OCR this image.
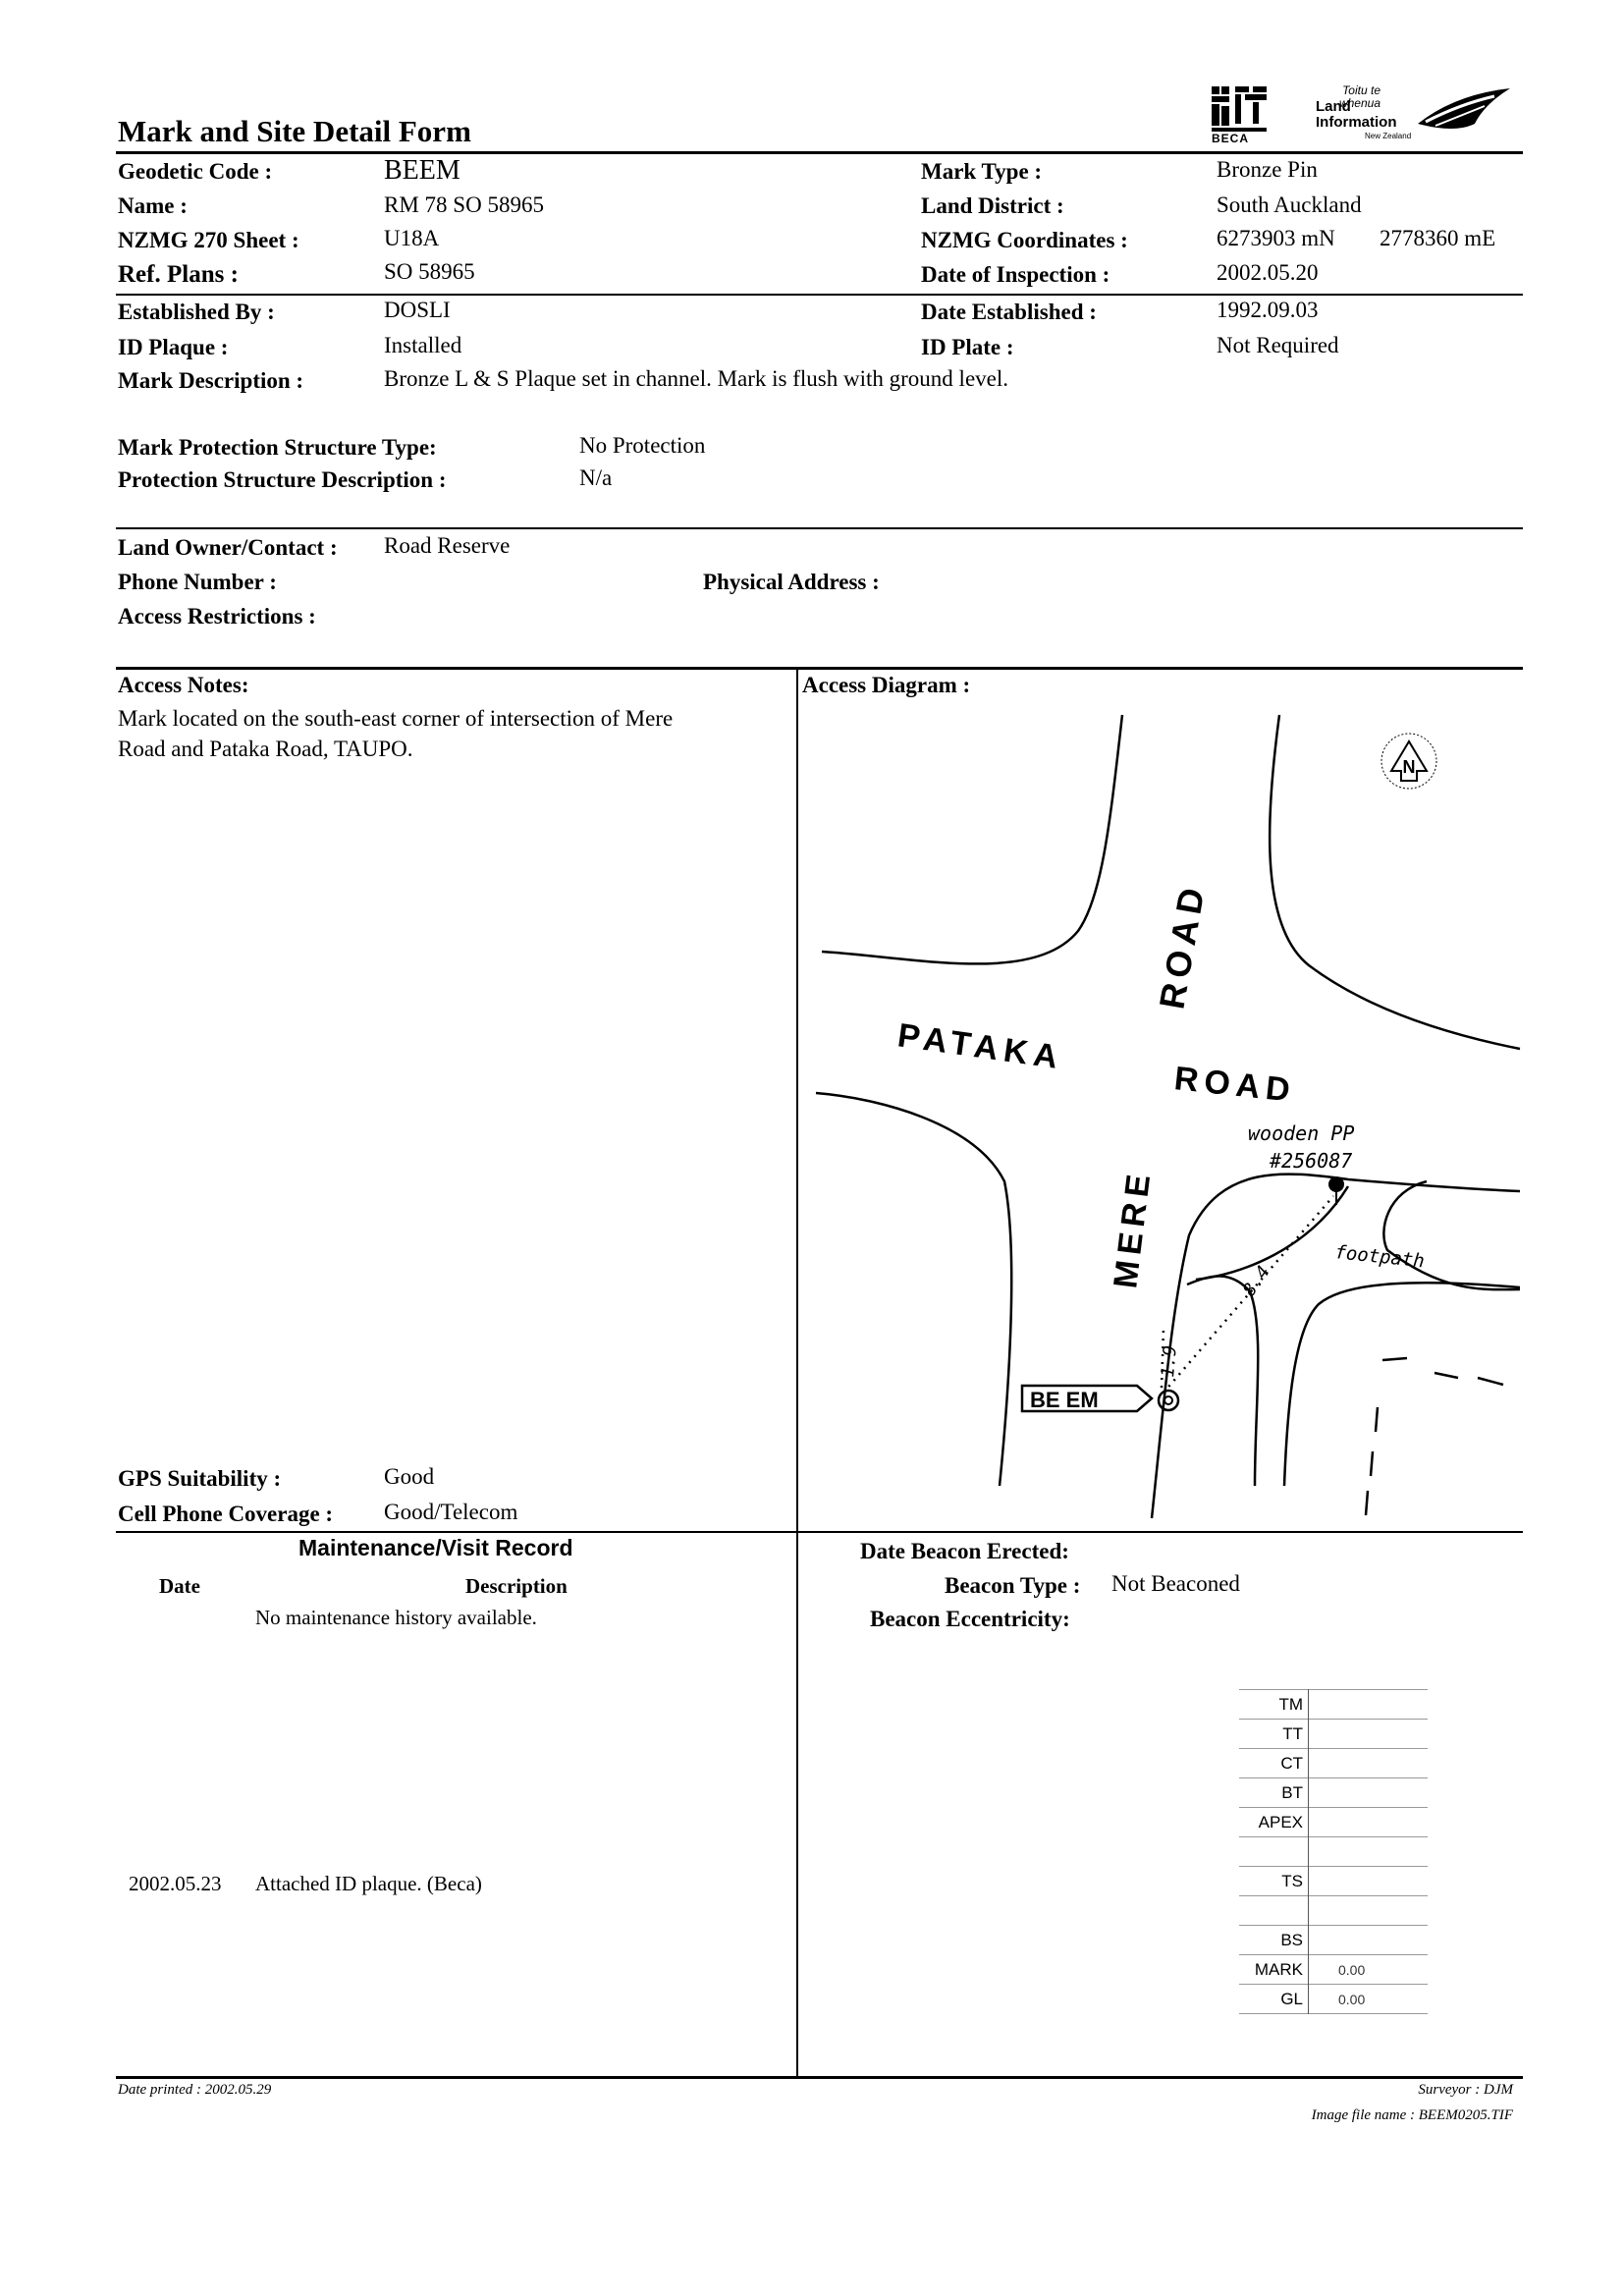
Mark and Site Detail Form	BECA
Toitu te whenua
Land
Information
New Zealand
Geodetic Code :	BEEM	Mark Type :	Bronze Pin
Name :	RM 78 SO 58965	Land District :	South Auckland
NZMG 270 Sheet :	U18A	NZMG Coordinates :	6273903 mN 2778360 mE
Ref. Plans :	SO 58965	Date of Inspection :	2002.05.20
Established By :	DOSLI	Date Established :	1992.09.03
ID Plaque :	Installed	ID Plate :	Not Required
Mark Description :	Bronze L & S Plaque set in channel. Mark is flush with ground level.
Mark Protection Structure Type:	No Protection
Protection Structure Description :	N/a
Land Owner/Contact : Road Reserve
Phone Number :	Physical Address :
Access Restrictions :
Access Notes:
Mark located on the south-east corner of intersection of Mere
Road and Pataka Road, TAUPO.
GPS Suitability :	Good
Cell Phone Coverage : Good/Telecom
Access Diagram :
N
ROAD
PATAKA
ROAD
MERE
wooden PP
#256087
footpath
8.4
1.9
BE EM
Maintenance/Visit Record
Date	Description
No maintenance history available.
2002.05.23 Attached ID plaque. (Beca)
Date Beacon Erected:
Beacon Type : Not Beaconed
Beacon Eccentricity:
TM	
TT	
CT	
BT	
APEX	

TS	

BS	
MARK	0.00
GL	0.00
Date printed : 2002.05.29	Surveyor : DJM
Image file name : BEEM0205.TIF
